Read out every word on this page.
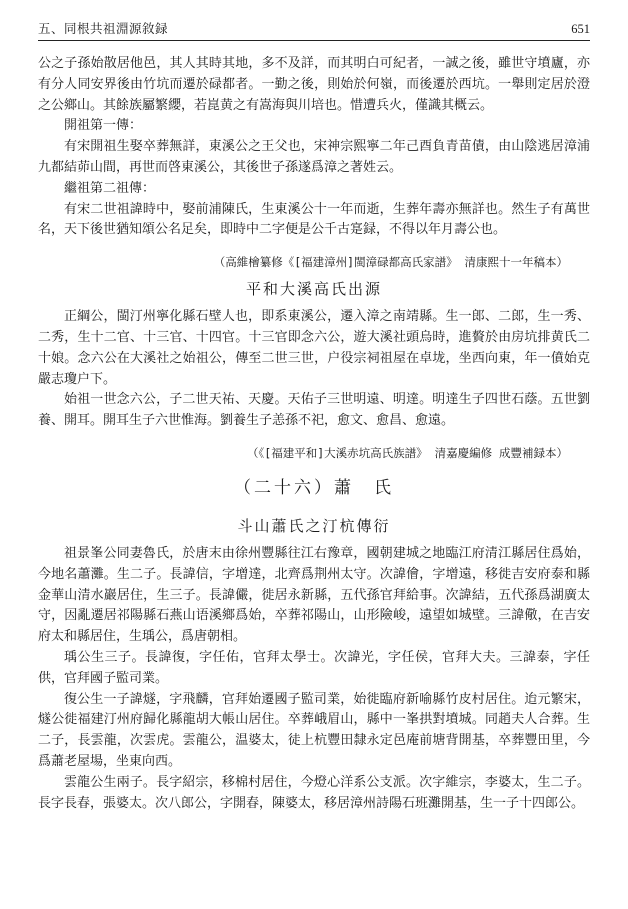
五、同根共祖淵源敘録	651

公之子孫始散居他邑，其人其時其地，多不及詳，而其明白可紀者，一誠之後，雖世守墳廬，亦有分人同安界後由竹坑而遷於碌都者。一勤之後，則始於何嶺，而後遷於西坑。一舉則定居於澄之公鄉山。其餘族屬繁纓，若崑黄之有嵩海與川培也。惜遭兵火，僅識其概云。

開祖第一傳：

有宋開祖生娶卒葬無詳，東溪公之王父也，宋神宗熙寧二年己酉負青苗債，由山陰逃居漳浦九都結茆山間，再世而啓東溪公，其後世子孫遂爲漳之著姓云。

繼祖第二祖傳：

有宋二世祖諱時中，娶前浦陳氏，生東溪公十一年而逝，生葬年壽亦無詳也。然生子有萬世名，天下後世猶知頌公名足矣，即時中二字便是公千古寔録，不得以年月壽公也。

（高維檜纂修《[福建漳州]閩漳碌都高氏家譜》 清康熙十一年稿本）

平和大溪高氏出源

正綱公，閩汀州寧化縣石壁人也，即系東溪公，遷入漳之南靖縣。生一郎、二郎，生一秀、二秀，生十二官、十三官、十四官。十三官即念六公，遊大溪社頭烏時，進贅於由房坑排黄氏二十娘。念六公在大溪社之始祖公，傳至二世三世，户役宗祠祖屋在卓垅，坐西向東，年一僨始克嚴志瓊户下。

始祖一世念六公，子二世天祐、天慶。天佑子三世明遠、明達。明達生子四世石蔭。五世劉養、開耳。開耳生子六世惟海。劉養生子恙孫不祀，愈文、愈昌、愈遠。

（《[福建平和]大溪赤坑高氏族譜》 清嘉慶編修 成豐補録本）

（二十六）蕭　氏
斗山蕭氏之汀杭傳衍

祖景峯公同妻魯氏，於唐末由徐州豐縣往江右豫章，國朝建城之地臨江府清江縣居住爲始，今地名蕭灘。生二子。長諱信，字增達，北齊爲荆州太守。次諱儈，字增遠，移徙吉安府泰和縣金華山清水巖居住，生三子。長諱儼，徙居永新縣，五代孫官拜給事。次諱結，五代孫爲湖廣太守，因亂遷居祁陽縣石燕山语溪鄉爲始，卒葬祁陽山，山形險峻，遠望如城壁。三諱儆，在吉安府太和縣居住，生瑀公，爲唐朝相。

瑀公生三子。長諱復，字任佑，官拜太學士。次諱光，字任侯，官拜大夫。三諱泰，字任供，官拜國子監司業。

復公生一子諱燧，字飛麟，官拜始遷國子監司業，始徙臨府新喻縣竹皮村居住。迨元繁宋，燧公徙福建汀州府歸化縣龍胡大帳山居住。卒葬峨眉山，縣中一峯拱對墳城。同趙夫人合葬。生二子，長雲龍，次雲虎。雲龍公，温婆太，徒上杭豐田隸永定邑庵前塘背開基，卒葬豐田里，今爲蕭老屋場，坐東向西。

雲龍公生兩子。長字紹宗，移棉村居住，今燈心洋系公支派。次字維宗，李婆太，生二子。長字長春，張婆太。次八郎公，字開春，陳婆太，移居漳州詩陽石班灘開基，生一子十四郎公。
